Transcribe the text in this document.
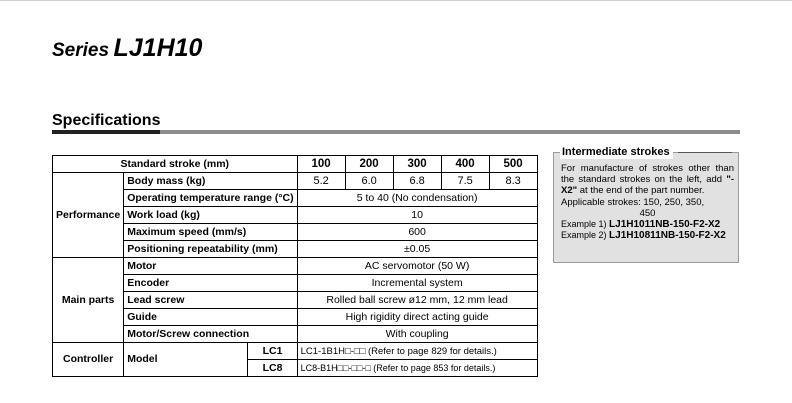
Series LJ1H10
Specifications
Standard stroke (mm)			100	200	300	400	500
Performance	Body mass (kg)		5.2	6.0	6.8	7.5	8.3
	Operating temperature range (°C)		5 to 40 (No condensation)				
	Work load (kg)		10				
	Maximum speed (mm/s)		600				
	Positioning repeatability (mm)		±0.05				
Main parts	Motor		AC servomotor (50 W)				
	Encoder		Incremental system				
	Lead screw		Rolled ball screw ø12 mm, 12 mm lead				
	Guide		High rigidity direct acting guide				
	Motor/Screw connection		With coupling				
Controller	Model	LC1	LC1-1B1H□-□□ (Refer to page 829 for details.)				
		LC8	LC8-B1H□□-□□-□ (Refer to page 853 for details.)				
Intermediate strokes

For manufacture of strokes other than the standard strokes on the left, add "-X2" at the end of the part number.

Applicable strokes: 150, 250, 350,

450

Example 1) LJ1H1011NB-150-F2-X2

Example 2) LJ1H10811NB-150-F2-X2
